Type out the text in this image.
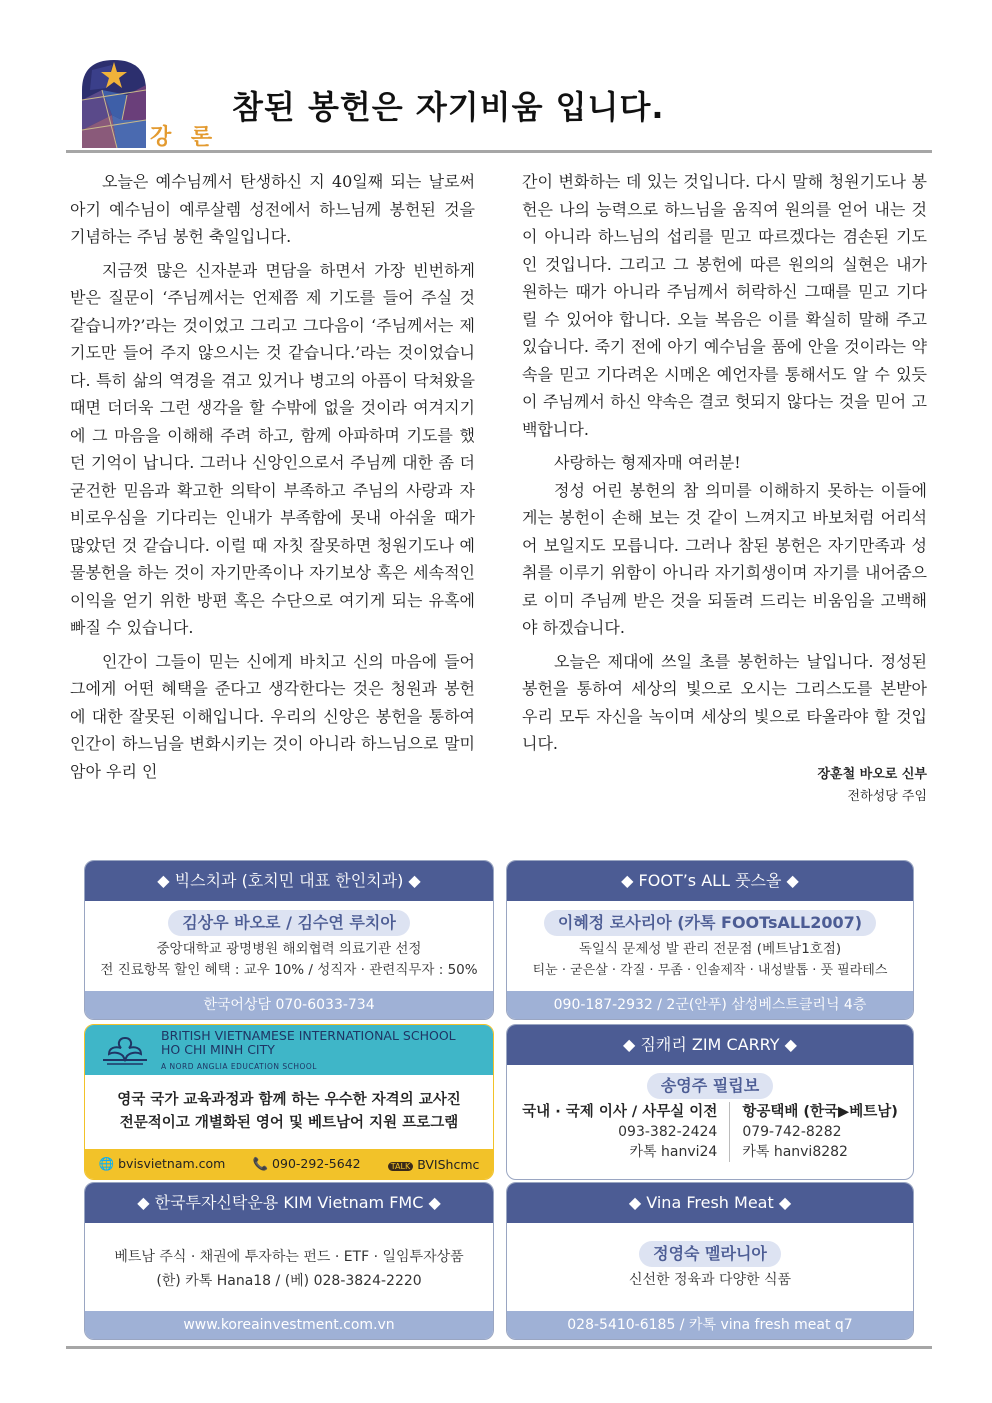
강 론
참된 봉헌은 자기비움 입니다.

오늘은 예수님께서 탄생하신 지 40일째 되는 날로써 아기 예수님이 예루살렘 성전에서 하느님께 봉헌된 것을 기념하는 주님 봉헌 축일입니다.

지금껏 많은 신자분과 면담을 하면서 가장 빈번하게 받은 질문이 ‘주님께서는 언제쯤 제 기도를 들어 주실 것 같습니까?’라는 것이었고 그리고 그다음이 ‘주님께서는 제 기도만 들어 주지 않으시는 것 같습니다.’라는 것이었습니다. 특히 삶의 역경을 겪고 있거나 병고의 아픔이 닥쳐왔을 때면 더더욱 그런 생각을 할 수밖에 없을 것이라 여겨지기에 그 마음을 이해해 주려 하고, 함께 아파하며 기도를 했던 기억이 납니다. 그러나 신앙인으로서 주님께 대한 좀 더 굳건한 믿음과 확고한 의탁이 부족하고 주님의 사랑과 자비로우심을 기다리는 인내가 부족함에 못내 아쉬울 때가 많았던 것 같습니다. 이럴 때 자칫 잘못하면 청원기도나 예물봉헌을 하는 것이 자기만족이나 자기보상 혹은 세속적인 이익을 얻기 위한 방편 혹은 수단으로 여기게 되는 유혹에 빠질 수 있습니다.

인간이 그들이 믿는 신에게 바치고 신의 마음에 들어 그에게 어떤 혜택을 준다고 생각한다는 것은 청원과 봉헌에 대한 잘못된 이해입니다. 우리의 신앙은 봉헌을 통하여 인간이 하느님을 변화시키는 것이 아니라 하느님으로 말미암아 우리 인

간이 변화하는 데 있는 것입니다. 다시 말해 청원기도나 봉헌은 나의 능력으로 하느님을 움직여 원의를 얻어 내는 것이 아니라 하느님의 섭리를 믿고 따르겠다는 겸손된 기도인 것입니다. 그리고 그 봉헌에 따른 원의의 실현은 내가 원하는 때가 아니라 주님께서 허락하신 그때를 믿고 기다릴 수 있어야 합니다. 오늘 복음은 이를 확실히 말해 주고 있습니다. 죽기 전에 아기 예수님을 품에 안을 것이라는 약속을 믿고 기다려온 시메온 예언자를 통해서도 알 수 있듯이 주님께서 하신 약속은 결코 헛되지 않다는 것을 믿어 고백합니다.

사랑하는 형제자매 여러분!

정성 어린 봉헌의 참 의미를 이해하지 못하는 이들에게는 봉헌이 손해 보는 것 같이 느껴지고 바보처럼 어리석어 보일지도 모릅니다. 그러나 참된 봉헌은 자기만족과 성취를 이루기 위함이 아니라 자기희생이며 자기를 내어줌으로 이미 주님께 받은 것을 되돌려 드리는 비움임을 고백해야 하겠습니다.

오늘은 제대에 쓰일 초를 봉헌하는 날입니다. 정성된 봉헌을 통하여 세상의 빛으로 오시는 그리스도를 본받아 우리 모두 자신을 녹이며 세상의 빛으로 타올라야 할 것입니다.

장훈철 바오로 신부

전하성당 주임

◆ 빅스치과 (호치민 대표 한인치과) ◆
김상우 바오로 / 김수연 루치아
중앙대학교 광명병원 해외협력 의료기관 선정
전 진료항목 할인 혜택 : 교우 10% / 성직자 · 관련직무자 : 50%
한국어상담 070-6033-734
◆ FOOT’s ALL 풋스올 ◆
이혜정 로사리아 (카톡 FOOTsALL2007)
독일식 문제성 발 관리 전문점 (베트남1호점)
티눈 · 굳은살 · 각질 · 무좀 · 인솔제작 · 내성발톱 · 풋 필라테스
090-187-2932 / 2군(안푸) 삼성베스트클리닉 4층
BRITISH VIETNAMESE INTERNATIONAL SCHOOL
HO CHI MINH CITY
A NORD ANGLIA EDUCATION SCHOOL
영국 국가 교육과정과 함께 하는 우수한 자격의 교사진
전문적이고 개별화된 영어 및 베트남어 지원 프로그램
🌐 bvisvietnam.com 📞 090-292-5642	TALK BVIShcmc
◆ 짐캐리 ZIM CARRY ◆
송영주 필립보
국내 · 국제 이사 / 사무실 이전
093-382-2424
카톡 hanvi24
항공택배 (한국▶베트남)
079-742-8282
카톡 hanvi8282
◆ 한국투자신탁운용 KIM Vietnam FMC ◆
베트남 주식 · 채권에 투자하는 펀드 · ETF · 일임투자상품
(한) 카톡 Hana18 / (베) 028-3824-2220
www.koreainvestment.com.vn
◆ Vina Fresh Meat ◆
정영숙 멜라니아
신선한 정육과 다양한 식품
028-5410-6185 / 카톡 vina fresh meat q7
